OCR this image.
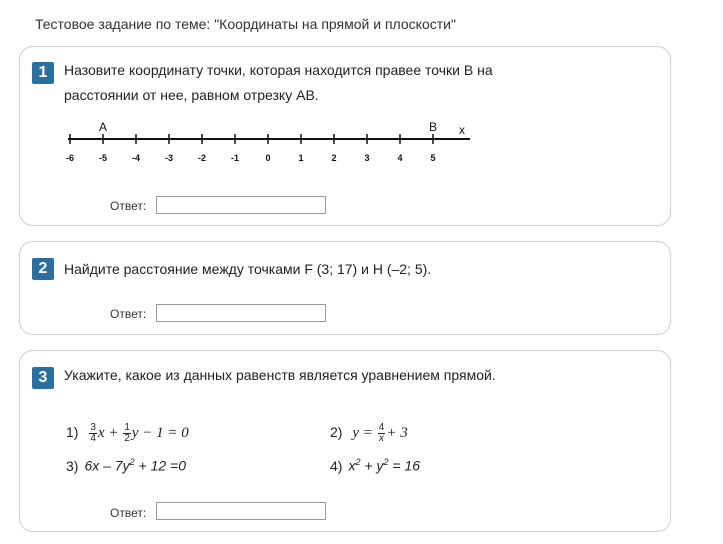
Тестовое задание по теме: "Координаты на прямой и плоскости"
1	Назовите координату точки, которая находится правее точки В на
расстоянии от нее, равном отрезку АВ.
-6	-5	-4	-3	-2	-1	0	1	2	3	4	5
А	В x
Ответ:
2	Найдите расстояние между точками F (3; 17) и H (–2; 5).
Ответ:
3	Укажите, какое из данных равенств является уравнением прямой.
$1) \frac{3}{4}$ $x + \frac{1}{2}$ y − 1 = 0	2) $y = \frac{4}{x} + 3$
3) $6x - 7y^2 + 12 =0$	4) $x^2 + y^2 = 16$
Ответ:
